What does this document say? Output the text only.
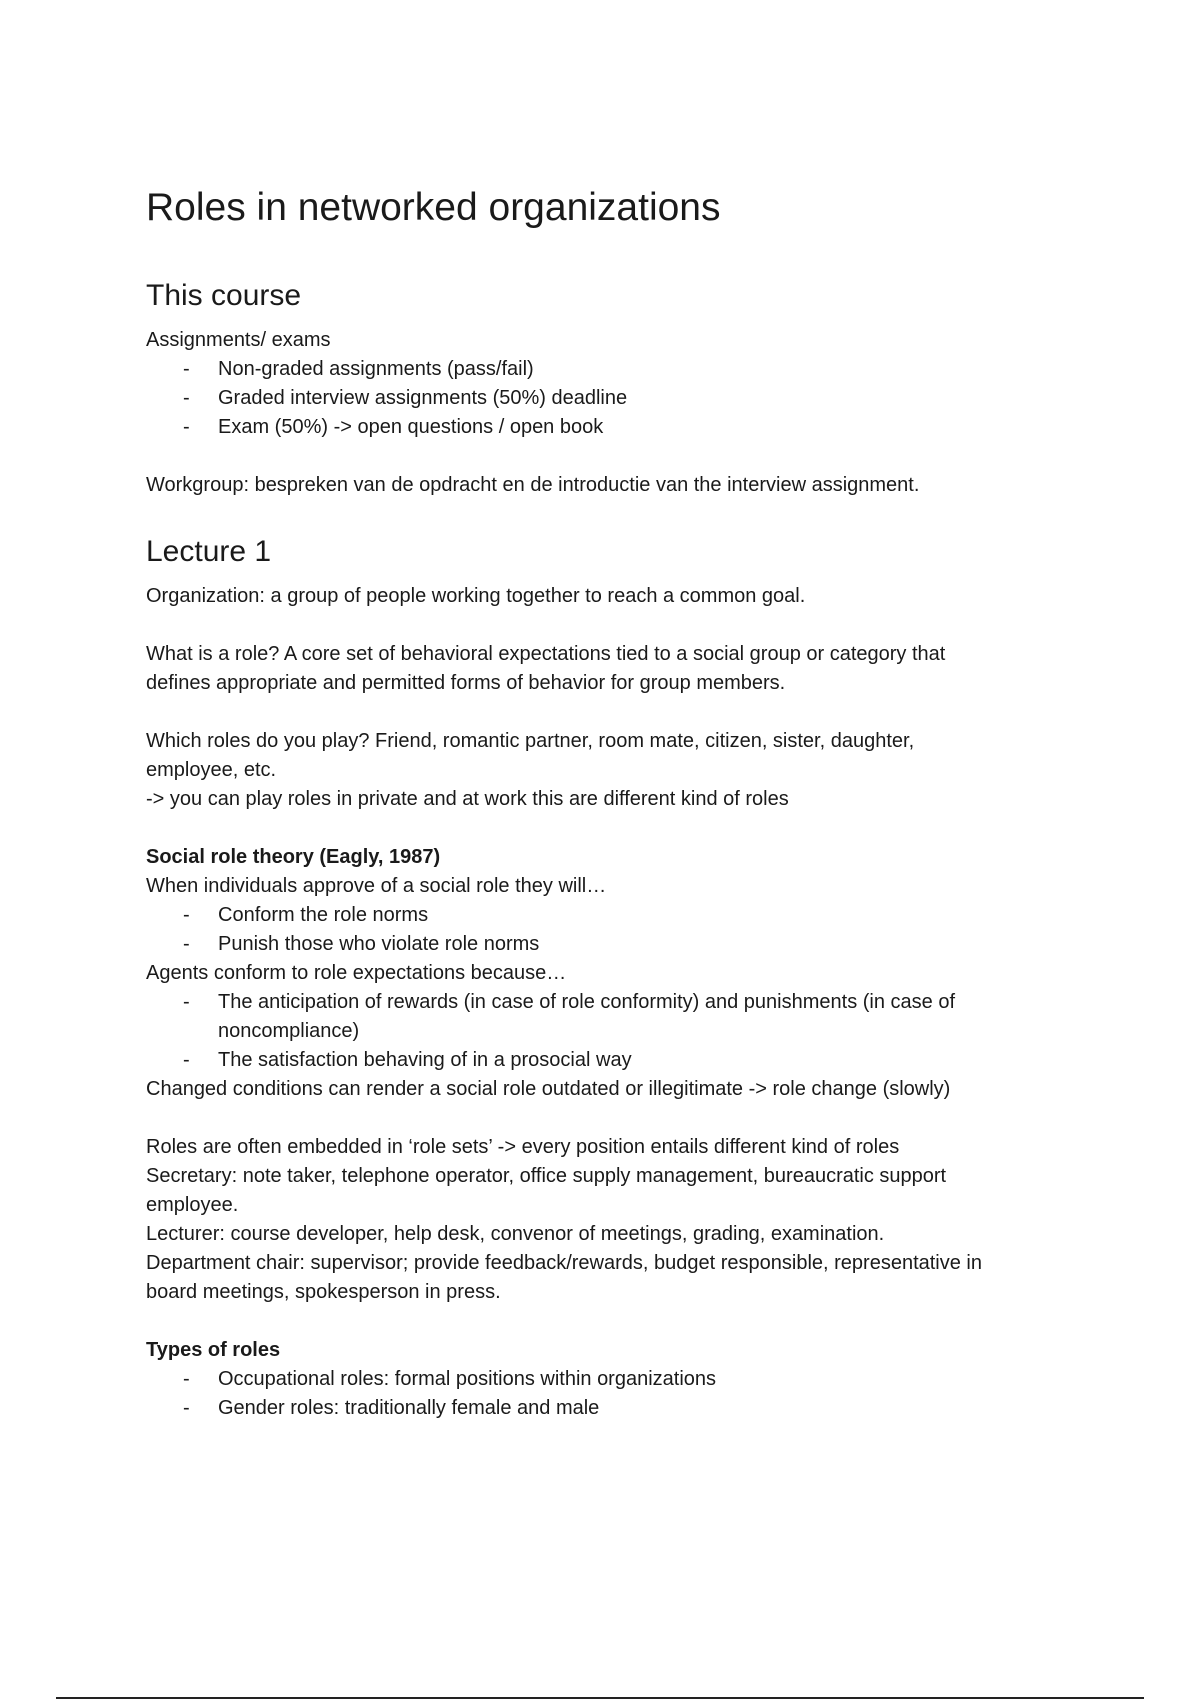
Roles in networked organizations
This course

Assignments/ exams

- Non-graded assignments (pass/fail)
- Graded interview assignments (50%) deadline
- Exam (50%) -> open questions / open book

Workgroup: bespreken van de opdracht en de introductie van the interview assignment.

Lecture 1

Organization: a group of people working together to reach a common goal.

What is a role? A core set of behavioral expectations tied to a social group or category that

defines appropriate and permitted forms of behavior for group members.

Which roles do you play? Friend, romantic partner, room mate, citizen, sister, daughter,

employee, etc.

-> you can play roles in private and at work this are different kind of roles

Social role theory (Eagly, 1987)

When individuals approve of a social role they will…

- Conform the role norms
- Punish those who violate role norms

Agents conform to role expectations because…

- The anticipation of rewards (in case of role conformity) and punishments (in case of
noncompliance)
- The satisfaction behaving of in a prosocial way

Changed conditions can render a social role outdated or illegitimate -> role change (slowly)

Roles are often embedded in ‘role sets’ -> every position entails different kind of roles

Secretary: note taker, telephone operator, office supply management, bureaucratic support

employee.

Lecturer: course developer, help desk, convenor of meetings, grading, examination.

Department chair: supervisor; provide feedback/rewards, budget responsible, representative in

board meetings, spokesperson in press.

Types of roles

- Occupational roles: formal positions within organizations
- Gender roles: traditionally female and male
